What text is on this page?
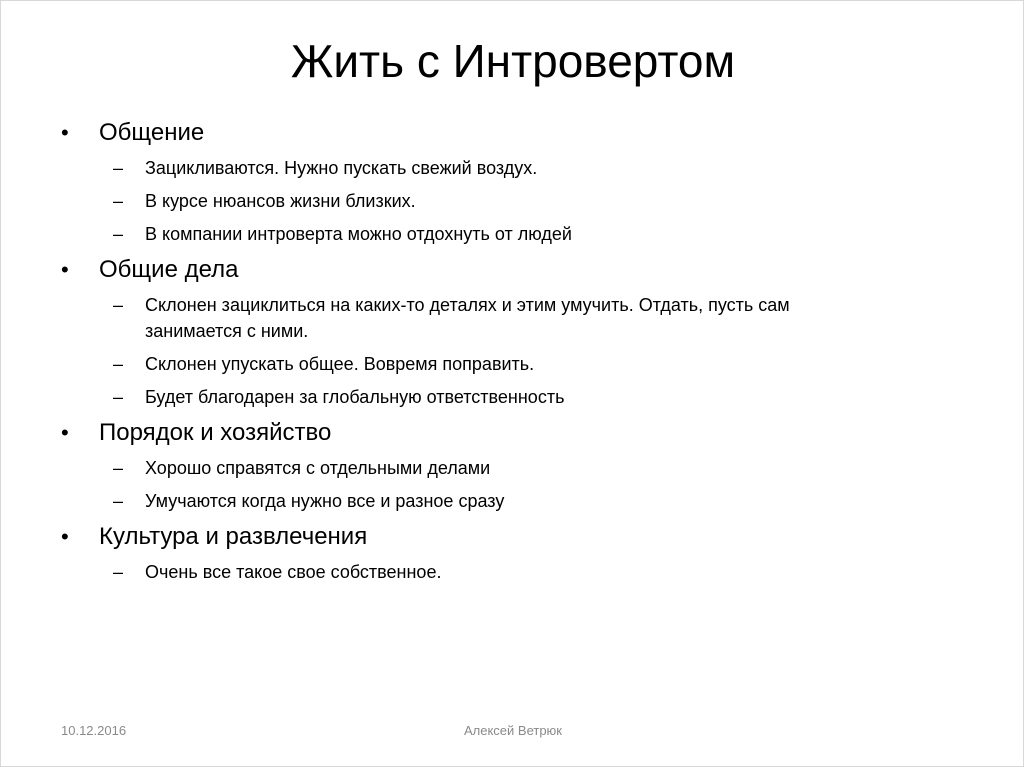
Жить с Интровертом
•	Общение
–	Зацикливаются. Нужно пускать свежий воздух.
–	В курсе нюансов жизни близких.
–	В компании интроверта можно отдохнуть от людей
•	Общие дела
–	Склонен зациклиться на каких-то деталях и этим умучить. Отдать, пусть сам занимается с ними.
–	Склонен упускать общее. Вовремя поправить.
–	Будет благодарен за глобальную ответственность
•	Порядок и хозяйство
–	Хорошо справятся с отдельными делами
–	Умучаются когда нужно все и разное сразу
•	Культура и развлечения
–	Очень все такое свое собственное.
10.12.2016	Алексей Ветрюк
